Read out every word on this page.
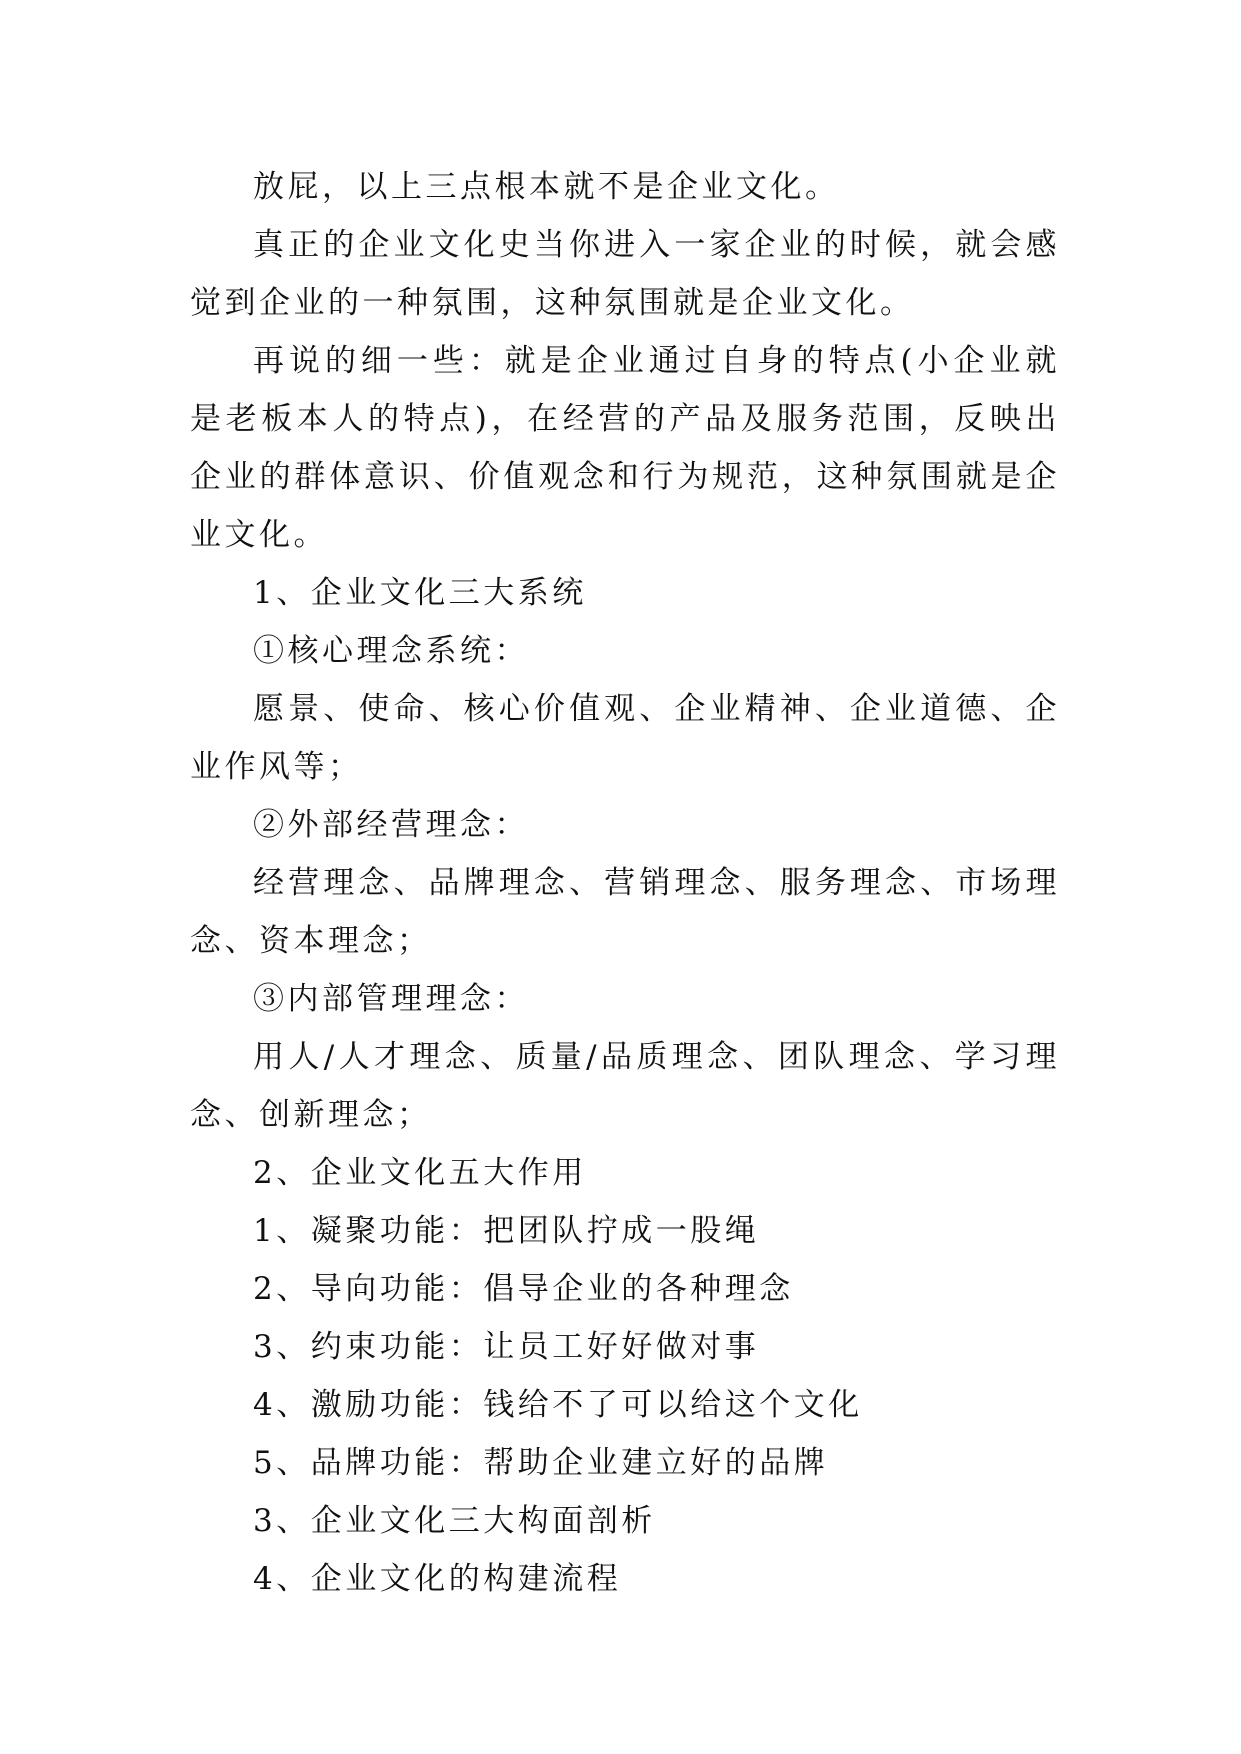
放屁，以上三点根本就不是企业文化。

真正的企业文化史当你进入一家企业的时候，就会感觉到企业的一种氛围，这种氛围就是企业文化。

再说的细一些：就是企业通过自身的特点(小企业就是老板本人的特点)，在经营的产品及服务范围，反映出企业的群体意识、价值观念和行为规范，这种氛围就是企业文化。

1、企业文化三大系统

①核心理念系统：

愿景、使命、核心价值观、企业精神、企业道德、企业作风等；

②外部经营理念：

经营理念、品牌理念、营销理念、服务理念、市场理念、资本理念；

③内部管理理念：

用人/人才理念、质量/品质理念、团队理念、学习理念、创新理念；

2、企业文化五大作用

1、凝聚功能：把团队拧成一股绳

2、导向功能：倡导企业的各种理念

3、约束功能：让员工好好做对事

4、激励功能：钱给不了可以给这个文化

5、品牌功能：帮助企业建立好的品牌

3、企业文化三大构面剖析

4、企业文化的构建流程
